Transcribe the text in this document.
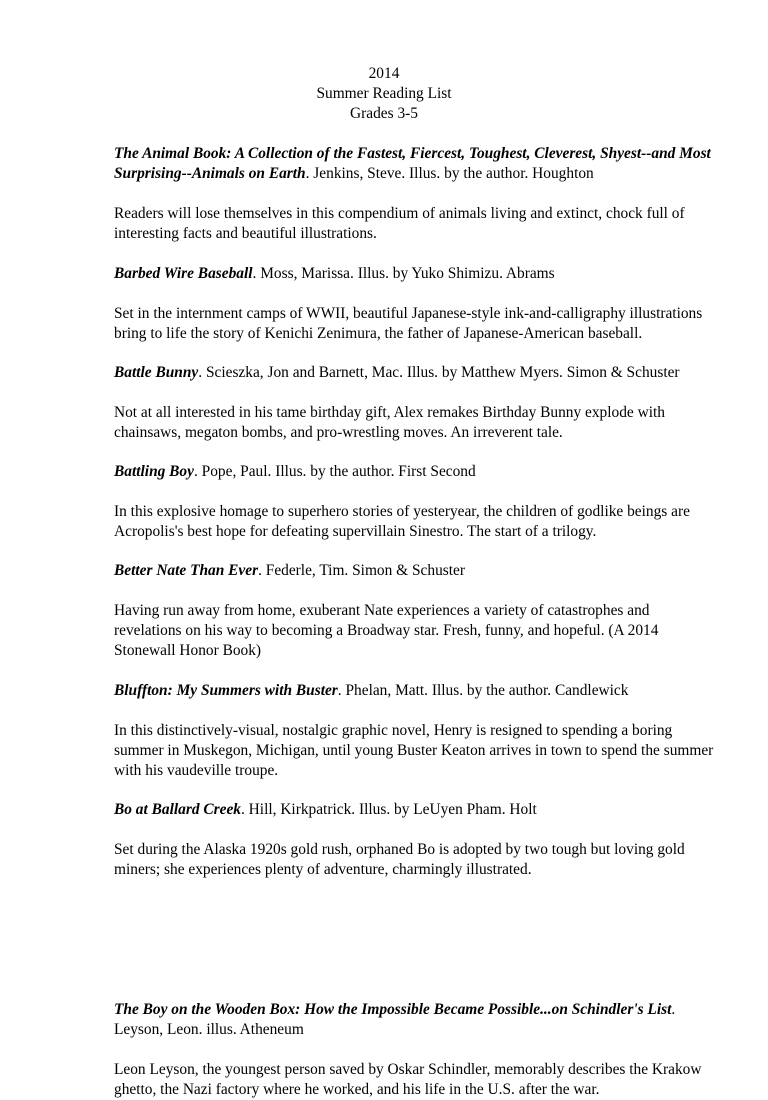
2014
Summer Reading List
Grades 3-5

The Animal Book: A Collection of the Fastest, Fiercest, Toughest, Cleverest, Shyest--and Most Surprising--Animals on Earth. Jenkins, Steve. Illus. by the author. Houghton

Readers will lose themselves in this compendium of animals living and extinct, chock full of interesting facts and beautiful illustrations.

Barbed Wire Baseball. Moss, Marissa. Illus. by Yuko Shimizu. Abrams

Set in the internment camps of WWII, beautiful Japanese-style ink-and-calligraphy illustrations bring to life the story of Kenichi Zenimura, the father of Japanese-American baseball.

Battle Bunny. Scieszka, Jon and Barnett, Mac. Illus. by Matthew Myers. Simon & Schuster

Not at all interested in his tame birthday gift, Alex remakes Birthday Bunny explode with chainsaws, megaton bombs, and pro-wrestling moves. An irreverent tale.

Battling Boy. Pope, Paul. Illus. by the author. First Second

In this explosive homage to superhero stories of yesteryear, the children of godlike beings are Acropolis's best hope for defeating supervillain Sinestro. The start of a trilogy.

Better Nate Than Ever. Federle, Tim. Simon & Schuster

Having run away from home, exuberant Nate experiences a variety of catastrophes and revelations on his way to becoming a Broadway star. Fresh, funny, and hopeful. (A 2014 Stonewall Honor Book)

Bluffton: My Summers with Buster. Phelan, Matt. Illus. by the author. Candlewick

In this distinctively-visual, nostalgic graphic novel, Henry is resigned to spending a boring summer in Muskegon, Michigan, until young Buster Keaton arrives in town to spend the summer with his vaudeville troupe.

Bo at Ballard Creek. Hill, Kirkpatrick. Illus. by LeUyen Pham. Holt

Set during the Alaska 1920s gold rush, orphaned Bo is adopted by two tough but loving gold miners; she experiences plenty of adventure, charmingly illustrated.

The Boy on the Wooden Box: How the Impossible Became Possible...on Schindler's List. Leyson, Leon. illus. Atheneum

Leon Leyson, the youngest person saved by Oskar Schindler, memorably describes the Krakow ghetto, the Nazi factory where he worked, and his life in the U.S. after the war.
